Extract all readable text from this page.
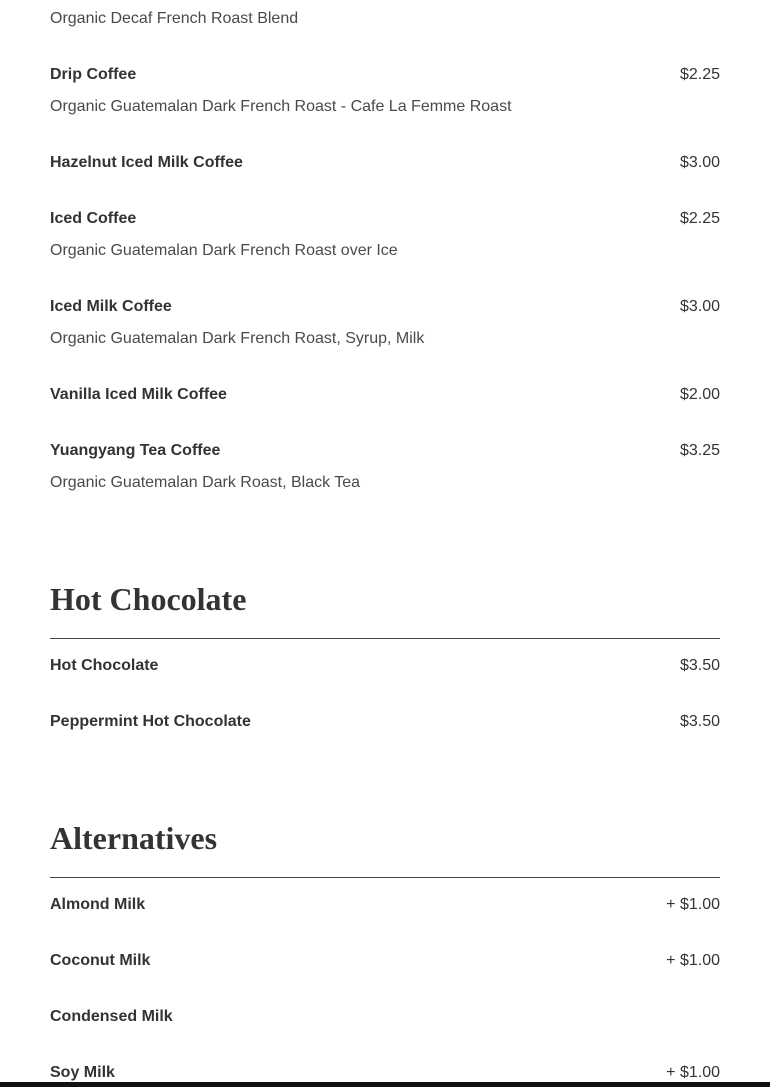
Organic Decaf French Roast Blend
Drip Coffee	$2.25
Organic Guatemalan Dark French Roast - Cafe La Femme Roast
Hazelnut Iced Milk Coffee	$3.00
Iced Coffee	$2.25
Organic Guatemalan Dark French Roast over Ice
Iced Milk Coffee	$3.00
Organic Guatemalan Dark French Roast, Syrup, Milk
Vanilla Iced Milk Coffee	$2.00
Yuangyang Tea Coffee	$3.25
Organic Guatemalan Dark Roast, Black Tea
Hot Chocolate
Hot Chocolate	$3.50
Peppermint Hot Chocolate	$3.50
Alternatives
Almond Milk	+ $1.00
Coconut Milk	+ $1.00
Condensed Milk
Soy Milk	+ $1.00
